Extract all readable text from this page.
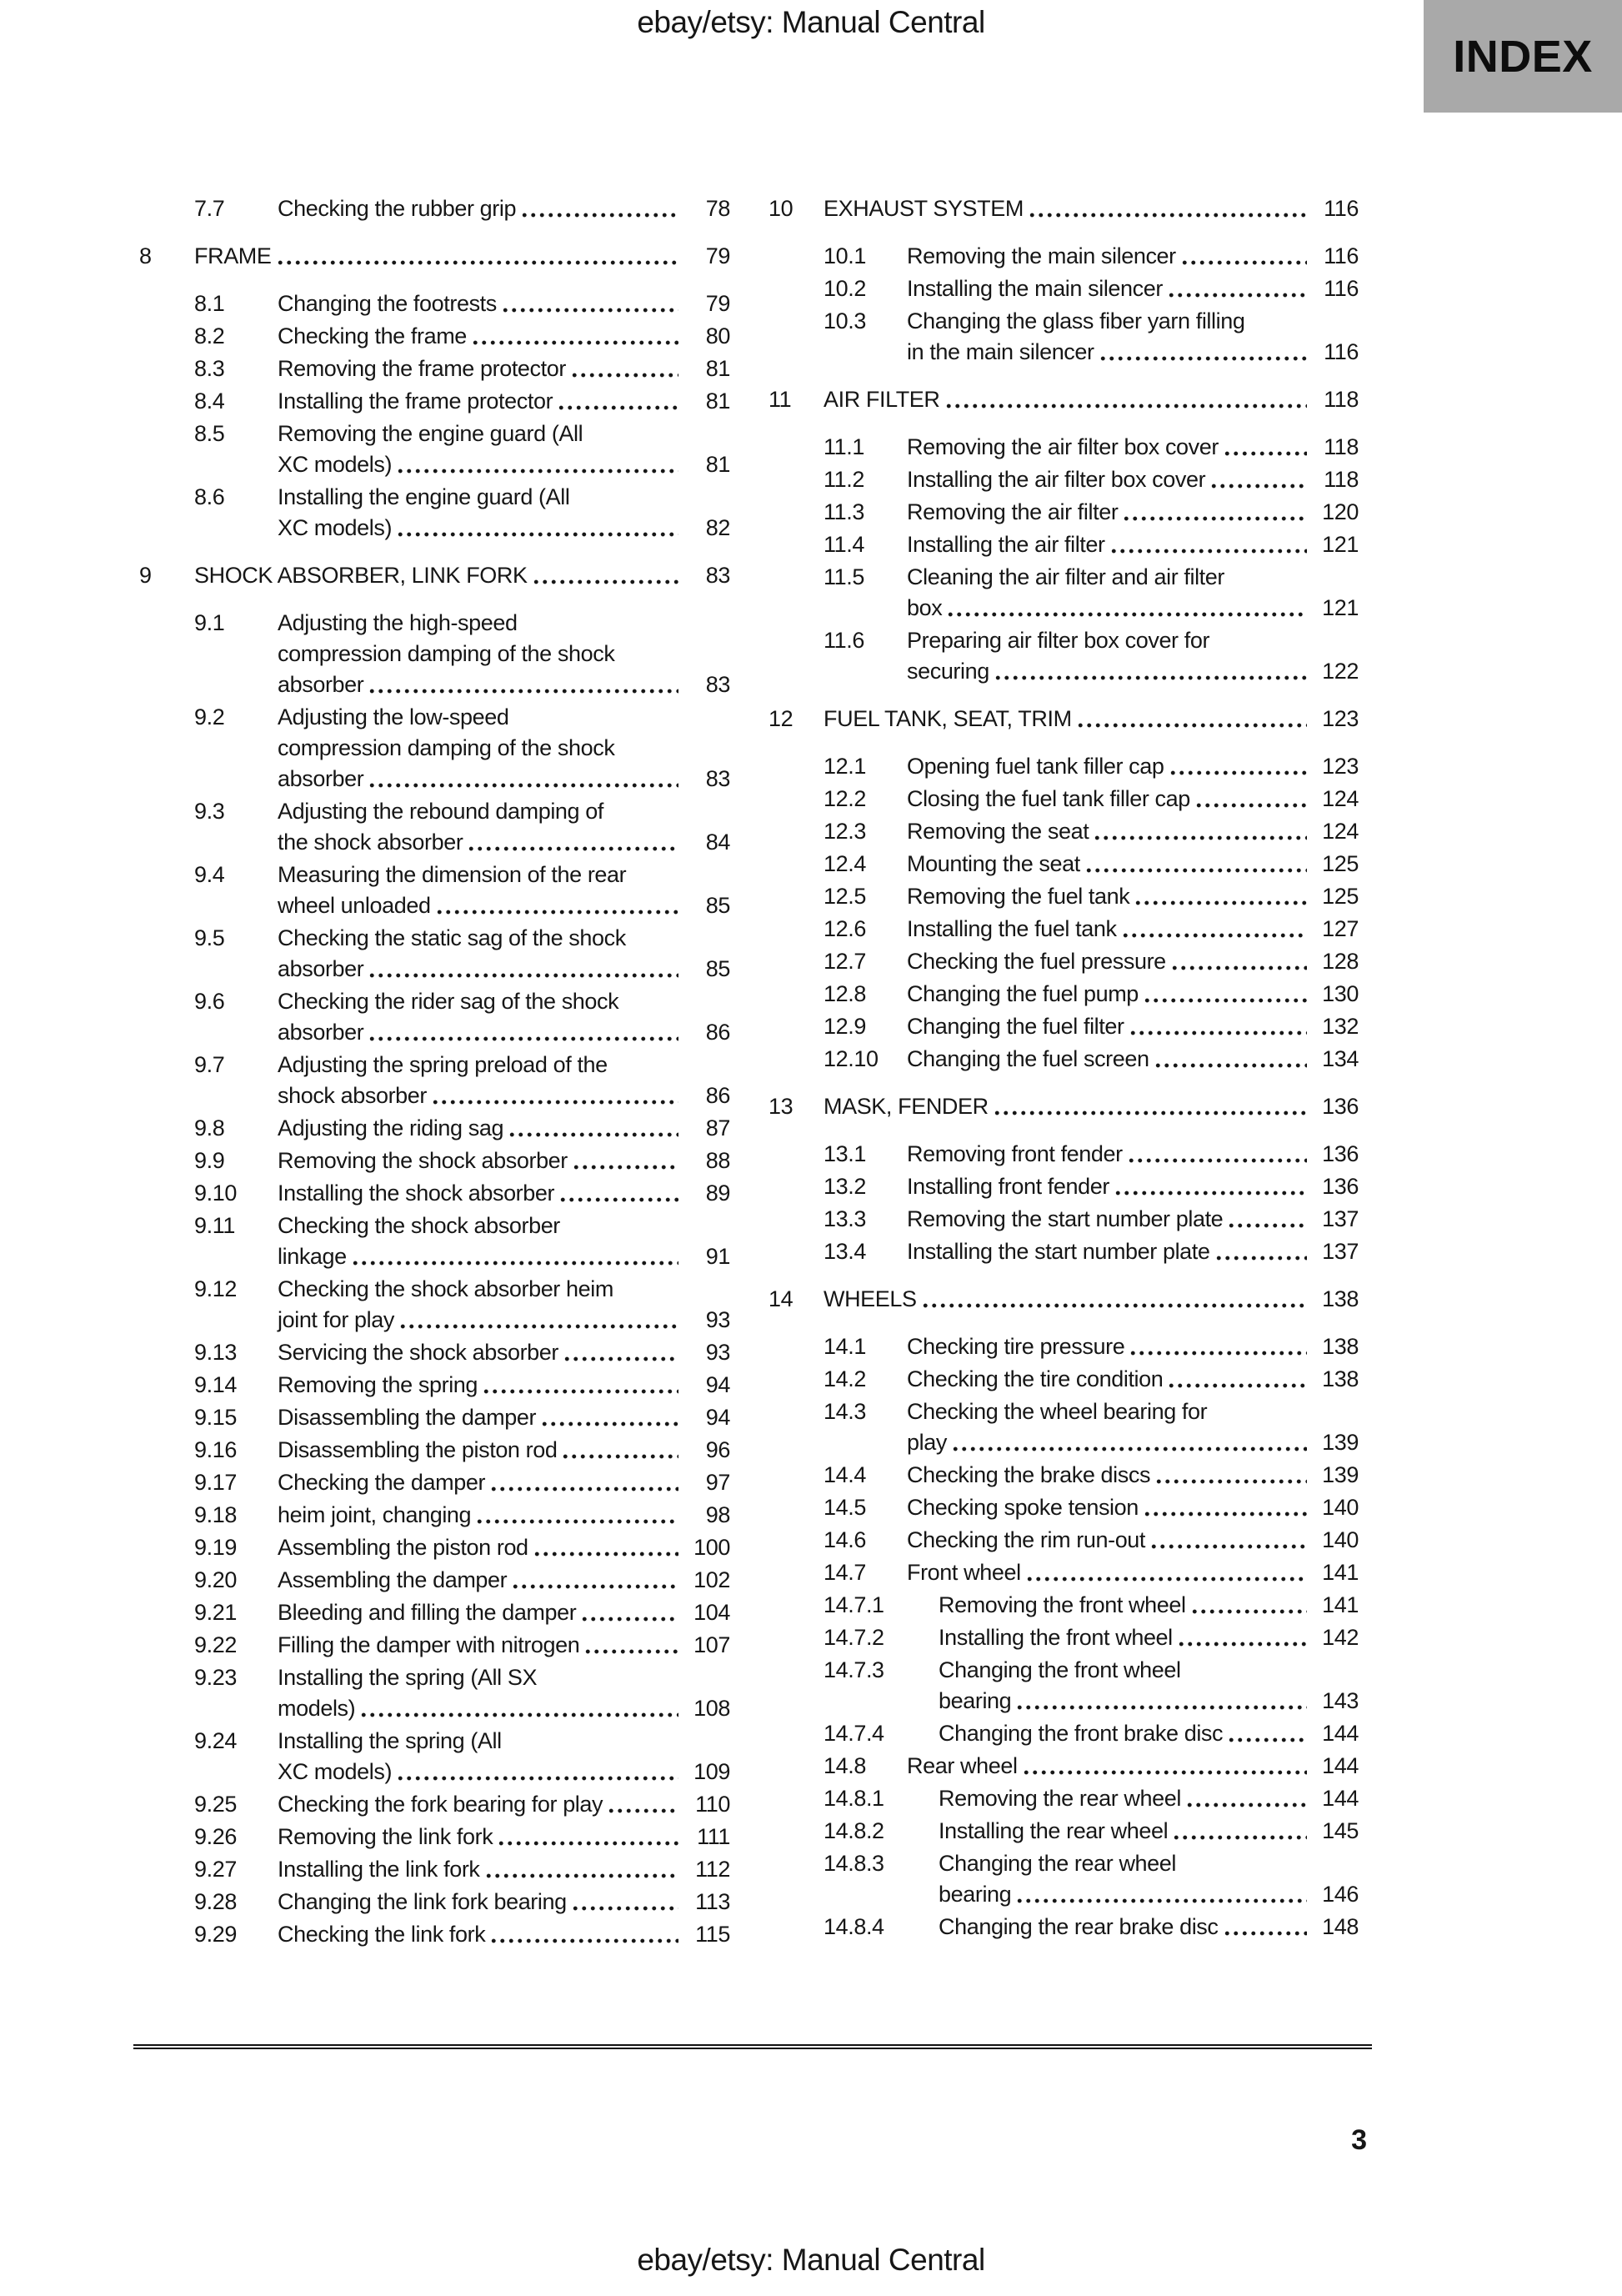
ebay/etsy: Manual Central
INDEX
7.7	Checking the rubber grip	78
8	FRAME	79
8.1	Changing the footrests	79
8.2	Checking the frame	80
8.3	Removing the frame protector	81
8.4	Installing the frame protector	81
8.5	Removing the engine guard (All
XC models)	81
8.6	Installing the engine guard (All
XC models)	82
9	SHOCK ABSORBER, LINK FORK	83
9.1	Adjusting the high-speed
compression damping of the shock
absorber	83
9.2	Adjusting the low-speed
compression damping of the shock
absorber	83
9.3	Adjusting the rebound damping of
the shock absorber	84
9.4	Measuring the dimension of the rear
wheel unloaded	85
9.5	Checking the static sag of the shock
absorber	85
9.6	Checking the rider sag of the shock
absorber	86
9.7	Adjusting the spring preload of the
shock absorber	86
9.8	Adjusting the riding sag	87
9.9	Removing the shock absorber	88
9.10	Installing the shock absorber	89
9.11	Checking the shock absorber
linkage	91
9.12	Checking the shock absorber heim
joint for play	93
9.13	Servicing the shock absorber	93
9.14	Removing the spring	94
9.15	Disassembling the damper	94
9.16	Disassembling the piston rod	96
9.17	Checking the damper	97
9.18	heim joint, changing	98
9.19	Assembling the piston rod	100
9.20	Assembling the damper	102
9.21	Bleeding and filling the damper	104
9.22	Filling the damper with nitrogen	107
9.23	Installing the spring (All SX
models)	108
9.24	Installing the spring (All
XC models)	109
9.25	Checking the fork bearing for play	110
9.26	Removing the link fork	111
9.27	Installing the link fork	112
9.28	Changing the link fork bearing	113
9.29	Checking the link fork	115
10	EXHAUST SYSTEM	116
10.1	Removing the main silencer	116
10.2	Installing the main silencer	116
10.3	Changing the glass fiber yarn filling
in the main silencer	116
11	AIR FILTER	118
11.1	Removing the air filter box cover	118
11.2	Installing the air filter box cover	118
11.3	Removing the air filter	120
11.4	Installing the air filter	121
11.5	Cleaning the air filter and air filter
box	121
11.6	Preparing air filter box cover for
securing	122
12	FUEL TANK, SEAT, TRIM	123
12.1	Opening fuel tank filler cap	123
12.2	Closing the fuel tank filler cap	124
12.3	Removing the seat	124
12.4	Mounting the seat	125
12.5	Removing the fuel tank	125
12.6	Installing the fuel tank	127
12.7	Checking the fuel pressure	128
12.8	Changing the fuel pump	130
12.9	Changing the fuel filter	132
12.10	Changing the fuel screen	134
13	MASK, FENDER	136
13.1	Removing front fender	136
13.2	Installing front fender	136
13.3	Removing the start number plate	137
13.4	Installing the start number plate	137
14	WHEELS	138
14.1	Checking tire pressure	138
14.2	Checking the tire condition	138
14.3	Checking the wheel bearing for
play	139
14.4	Checking the brake discs	139
14.5	Checking spoke tension	140
14.6	Checking the rim run-out	140
14.7	Front wheel	141
14.7.1	Removing the front wheel	141
14.7.2	Installing the front wheel	142
14.7.3	Changing the front wheel
bearing	143
14.7.4	Changing the front brake disc	144
14.8	Rear wheel	144
14.8.1	Removing the rear wheel	144
14.8.2	Installing the rear wheel	145
14.8.3	Changing the rear wheel
bearing	146
14.8.4	Changing the rear brake disc	148
3
ebay/etsy: Manual Central
